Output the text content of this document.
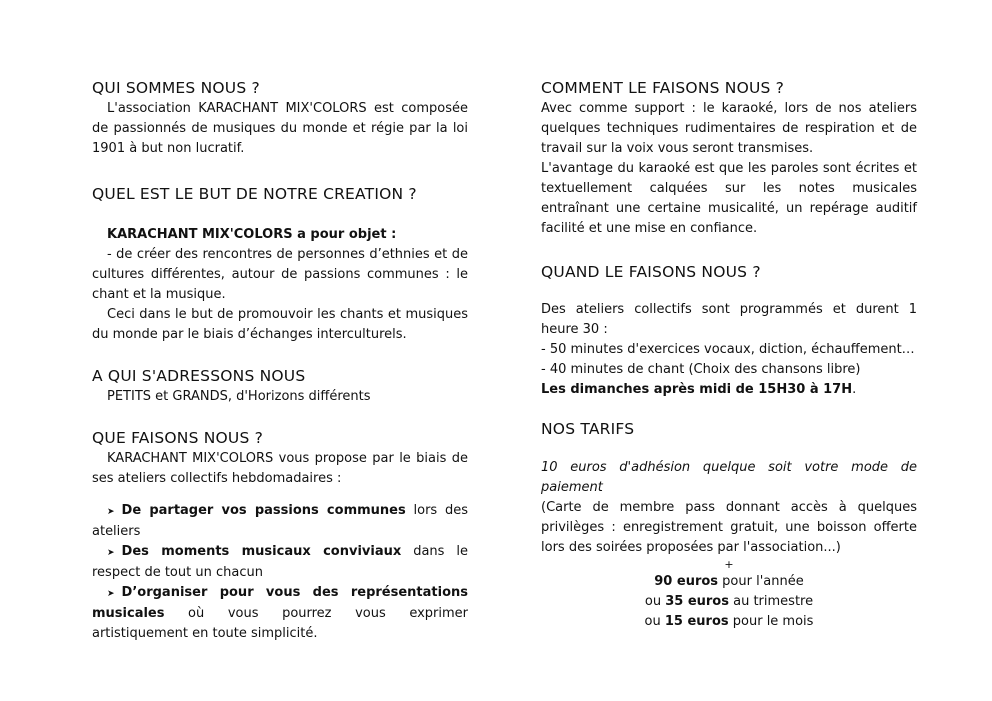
QUI SOMMES NOUS ?

L'association KARACHANT MIX'COLORS est composée de passionnés de musiques du monde et régie par la loi 1901 à but non lucratif.

QUEL EST LE BUT DE NOTRE CREATION ?

KARACHANT MIX'COLORS a pour objet :

- de créer des rencontres de personnes d’ethnies et de cultures différentes, autour de passions communes : le chant et la musique.

Ceci dans le but de promouvoir les chants et musiques du monde par le biais d’échanges interculturels.

A QUI S'ADRESSONS NOUS

PETITS et GRANDS, d'Horizons différents

QUE FAISONS NOUS ?

KARACHANT MIX'COLORS vous propose par le biais de ses ateliers collectifs hebdomadaires :

➤ De partager vos passions communes lors des ateliers

➤ Des moments musicaux conviviaux dans le respect de tout un chacun

➤ D’organiser pour vous des représentations musicales où vous pourrez vous exprimer artistiquement en toute simplicité.

COMMENT LE FAISONS NOUS ?

Avec comme support : le karaoké, lors de nos ateliers quelques techniques rudimentaires de respiration et de travail sur la voix vous seront transmises.

L'avantage du karaoké est que les paroles sont écrites et textuellement calquées sur les notes musicales entraînant une certaine musicalité, un repérage auditif facilité et une mise en confiance.

QUAND LE FAISONS NOUS ?

Des ateliers collectifs sont programmés et durent 1 heure 30 :

- 50 minutes d'exercices vocaux, diction, échauffement…

- 40 minutes de chant (Choix des chansons libre)

Les dimanches après midi de 15H30 à 17H.

NOS TARIFS

10 euros d'adhésion quelque soit votre mode de paiement

(Carte de membre pass donnant accès à quelques privilèges : enregistrement gratuit, une boisson offerte lors des soirées proposées par l'association...)

+

90 euros pour l'année

ou 35 euros au trimestre

ou 15 euros pour le mois
